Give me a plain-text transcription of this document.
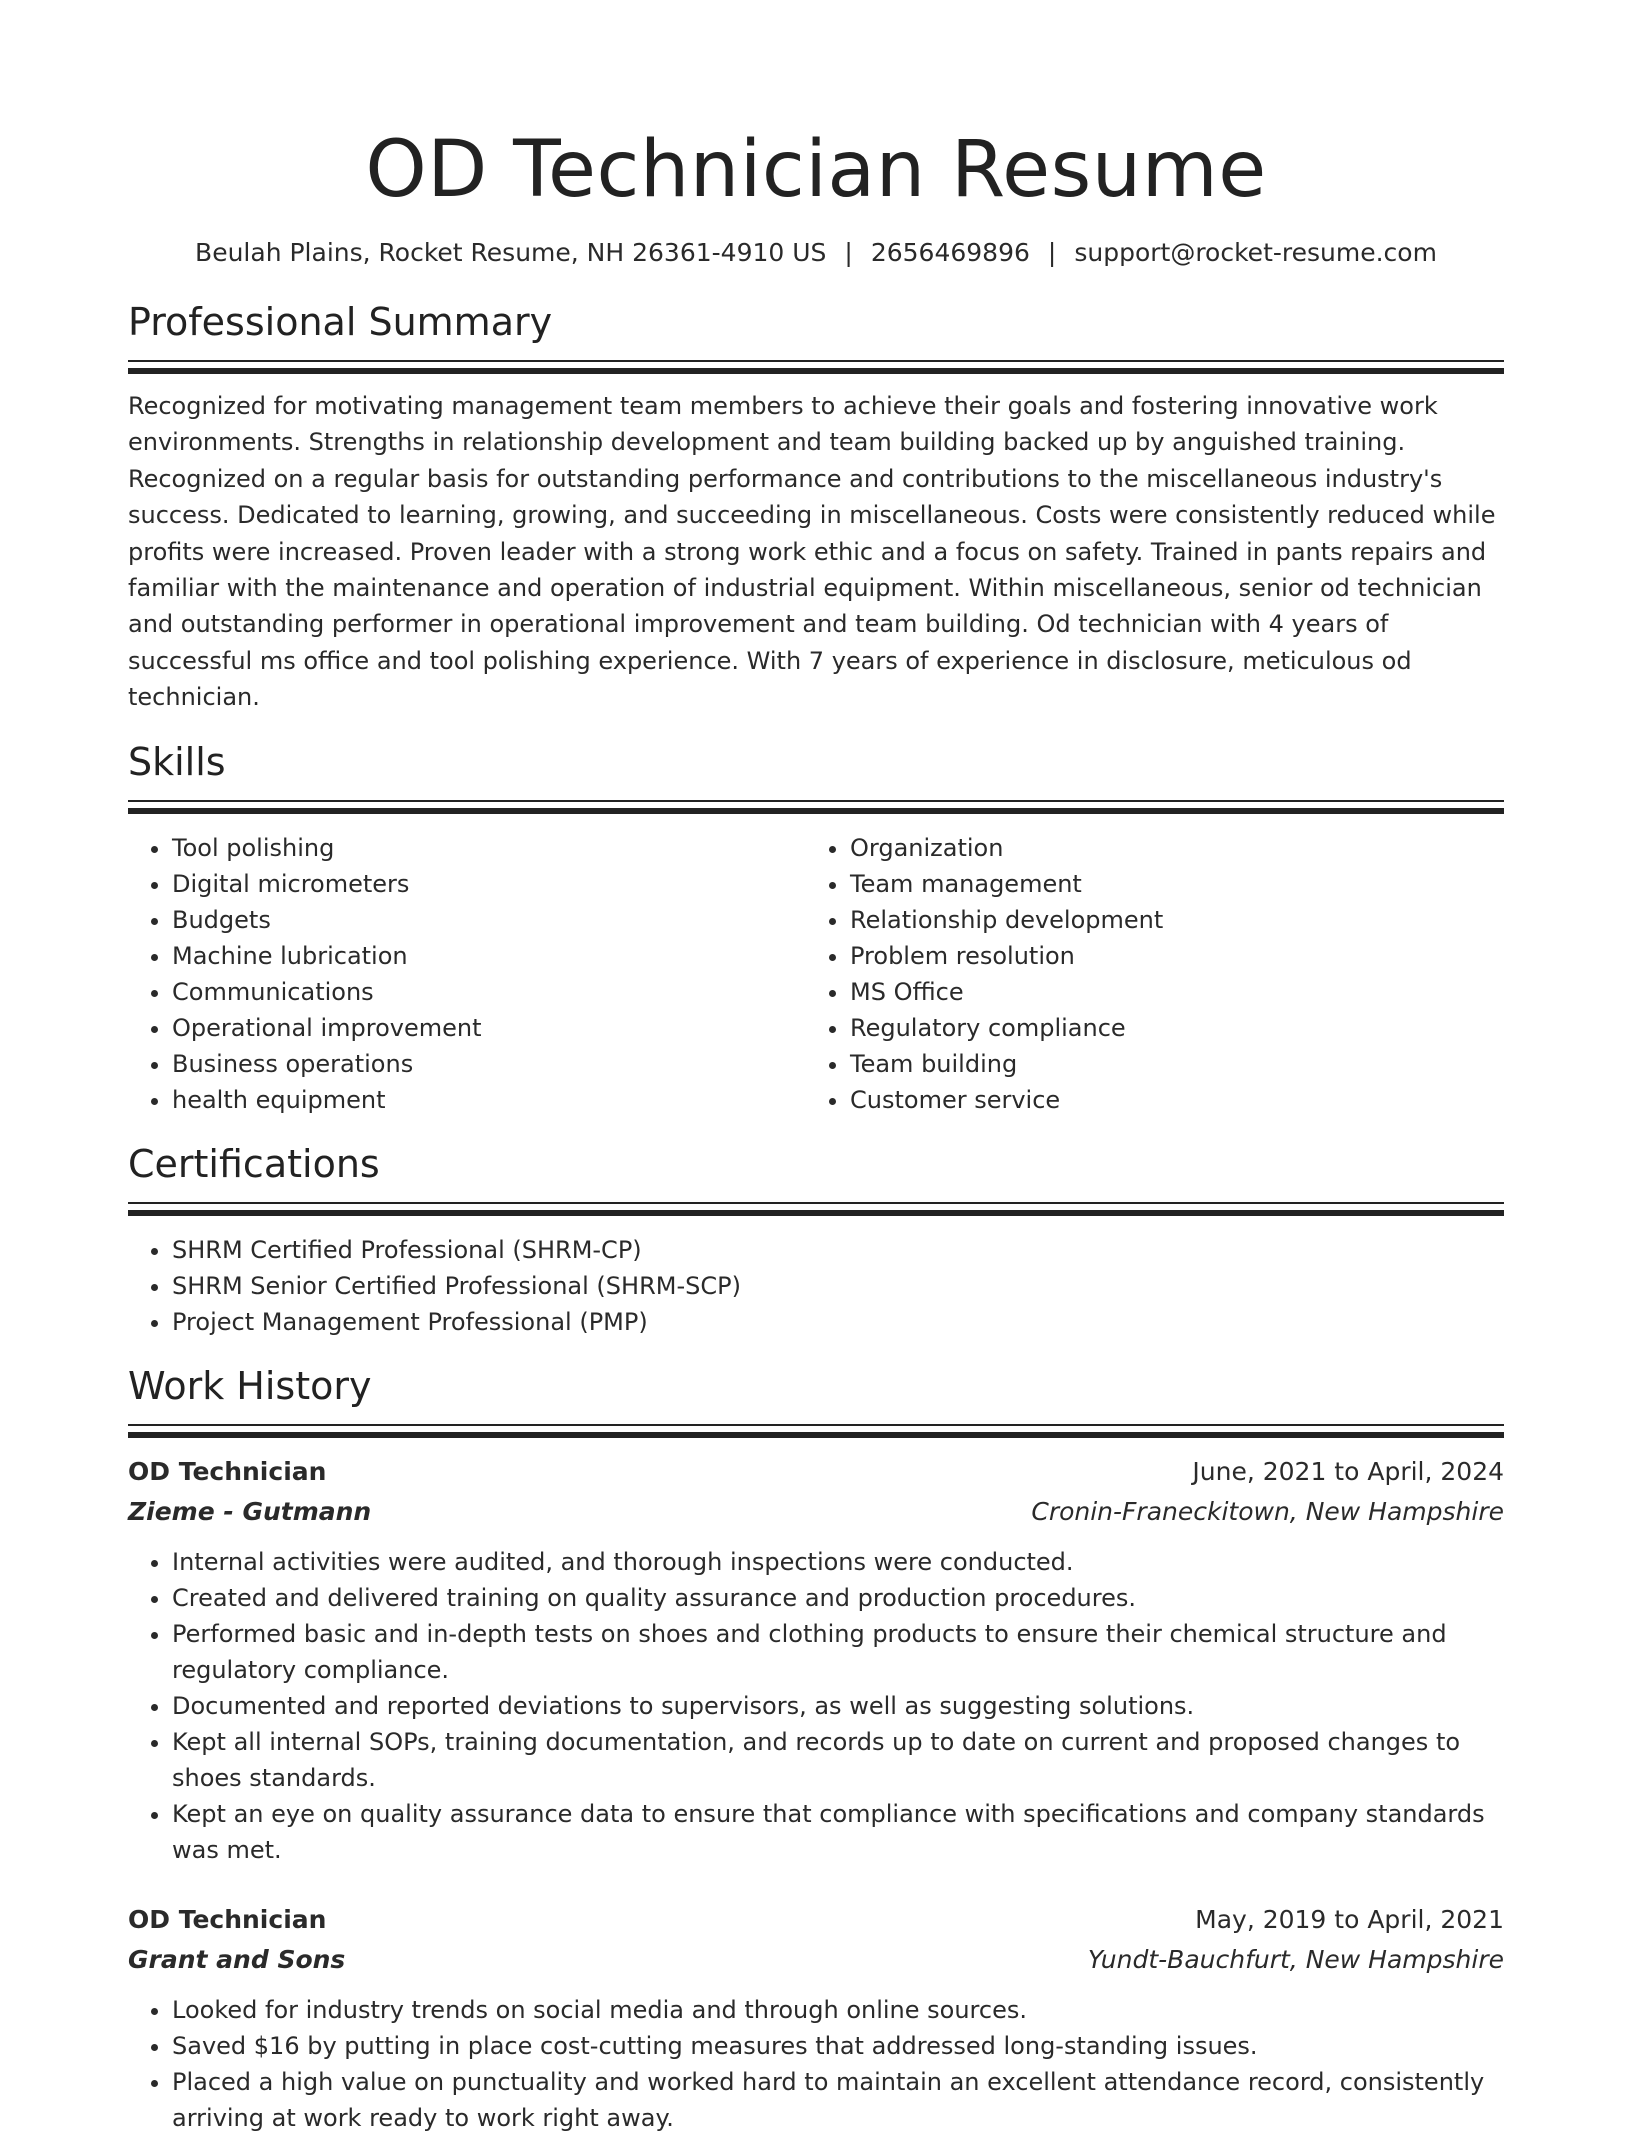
OD Technician Resume
Beulah Plains, Rocket Resume, NH 26361-4910 US | 2656469896 | support@rocket-resume.com
Professional Summary

Recognized for motivating management team members to achieve their goals and fostering innovative work environments. Strengths in relationship development and team building backed up by anguished training. Recognized on a regular basis for outstanding performance and contributions to the miscellaneous industry's success. Dedicated to learning, growing, and succeeding in miscellaneous. Costs were consistently reduced while profits were increased. Proven leader with a strong work ethic and a focus on safety. Trained in pants repairs and familiar with the maintenance and operation of industrial equipment. Within miscellaneous, senior od technician and outstanding performer in operational improvement and team building. Od technician with 4 years of successful ms office and tool polishing experience. With 7 years of experience in disclosure, meticulous od technician.

Skills
• Tool polishing
• Digital micrometers
• Budgets
• Machine lubrication
• Communications
• Operational improvement
• Business operations
• health equipment
• Organization
• Team management
• Relationship development
• Problem resolution
• MS Office
• Regulatory compliance
• Team building
• Customer service
Certifications
• SHRM Certified Professional (SHRM-CP)
• SHRM Senior Certified Professional (SHRM-SCP)
• Project Management Professional (PMP)
Work History
OD Technician	June, 2021 to April, 2024
Zieme - Gutmann	Cronin-Franeckitown, New Hampshire
• Internal activities were audited, and thorough inspections were conducted.
• Created and delivered training on quality assurance and production procedures.
• Performed basic and in-depth tests on shoes and clothing products to ensure their chemical structure and regulatory compliance.
• Documented and reported deviations to supervisors, as well as suggesting solutions.
• Kept all internal SOPs, training documentation, and records up to date on current and proposed changes to shoes standards.
• Kept an eye on quality assurance data to ensure that compliance with specifications and company standards was met.
OD Technician	May, 2019 to April, 2021
Grant and Sons	Yundt-Bauchfurt, New Hampshire
• Looked for industry trends on social media and through online sources.
• Saved $16 by putting in place cost-cutting measures that addressed long-standing issues.
• Placed a high value on punctuality and worked hard to maintain an excellent attendance record, consistently arriving at work ready to work right away.
